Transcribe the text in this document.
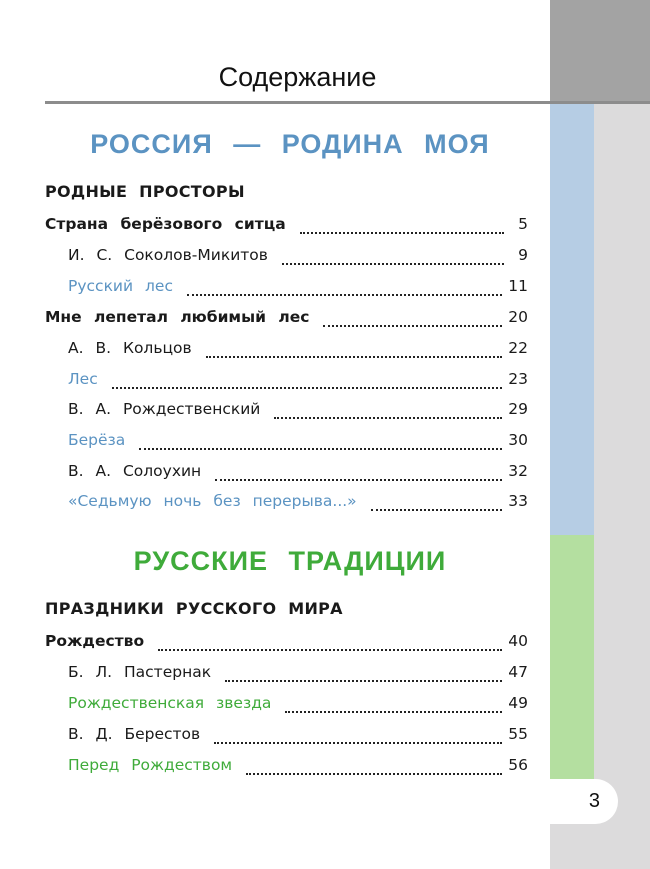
3
Содержание
РОССИЯ — РОДИНА МОЯ
РОДНЫЕ ПРОСТОРЫ
Страна берёзового ситца	5
И. С. Соколов-Микитов	9
Русский лес	11
Мне лепетал любимый лес	20
А. В. Кольцов	22
Лес	23
В. А. Рождественский	29
Берёза	30
В. А. Солоухин	32
«Седьмую ночь без перерыва...»	33
РУССКИЕ ТРАДИЦИИ
ПРАЗДНИКИ РУССКОГО МИРА
Рождество	40
Б. Л. Пастернак	47
Рождественская звезда	49
В. Д. Берестов	55
Перед Рождеством	56
